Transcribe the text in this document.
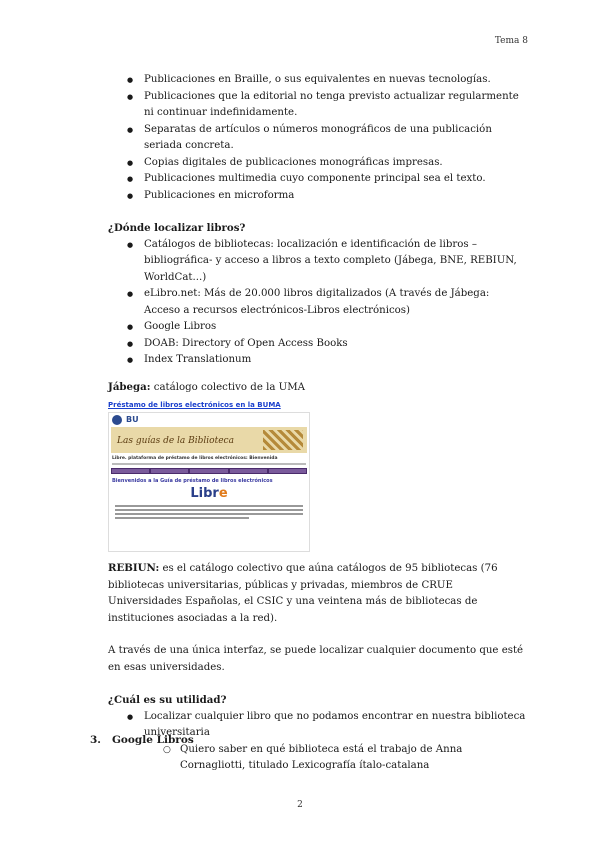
Tema 8
● Publicaciones en Braille, o sus equivalentes en nuevas tecnologías.
● Publicaciones que la editorial no tenga previsto actualizar regularmente ni continuar indefinidamente.
● Separatas de artículos o números monográficos de una publicación seriada concreta.
● Copias digitales de publicaciones monográficas impresas.
● Publicaciones multimedia cuyo componente principal sea el texto.
● Publicaciones en microforma
¿Dónde localizar libros?
● Catálogos de bibliotecas: localización e identificación de libros –bibliográfica- y acceso a libros a texto completo (Jábega, BNE, REBIUN, WorldCat...)
● eLibro.net: Más de 20.000 libros digitalizados (A través de Jábega: Acceso a recursos electrónicos-Libros electrónicos)
● Google Libros
● DOAB: Directory of Open Access Books
● Index Translationum
Jábega: catálogo colectivo de la UMA
Préstamo de libros electrónicos en la BUMA
BU
Las guías de la Biblioteca
Libre. plataforma de préstamo de libros electrónicos: Bienvenida
Bienvenidos a la Guía de préstamo de libros electrónicos
Libre
REBIUN: es el catálogo colectivo que aúna catálogos de 95 bibliotecas (76 bibliotecas universitarias, públicas y privadas, miembros de CRUE Universidades Españolas, el CSIC y una veintena más de bibliotecas de instituciones asociadas a la red).
A través de una única interfaz, se puede localizar cualquier documento que esté en esas universidades.
¿Cuál es su utilidad?
● Localizar cualquier libro que no podamos encontrar en nuestra biblioteca universitaria
○ Quiero saber en qué biblioteca está el trabajo de Anna Cornagliotti, titulado Lexicografía ítalo-catalana
3. Google Libros
2
